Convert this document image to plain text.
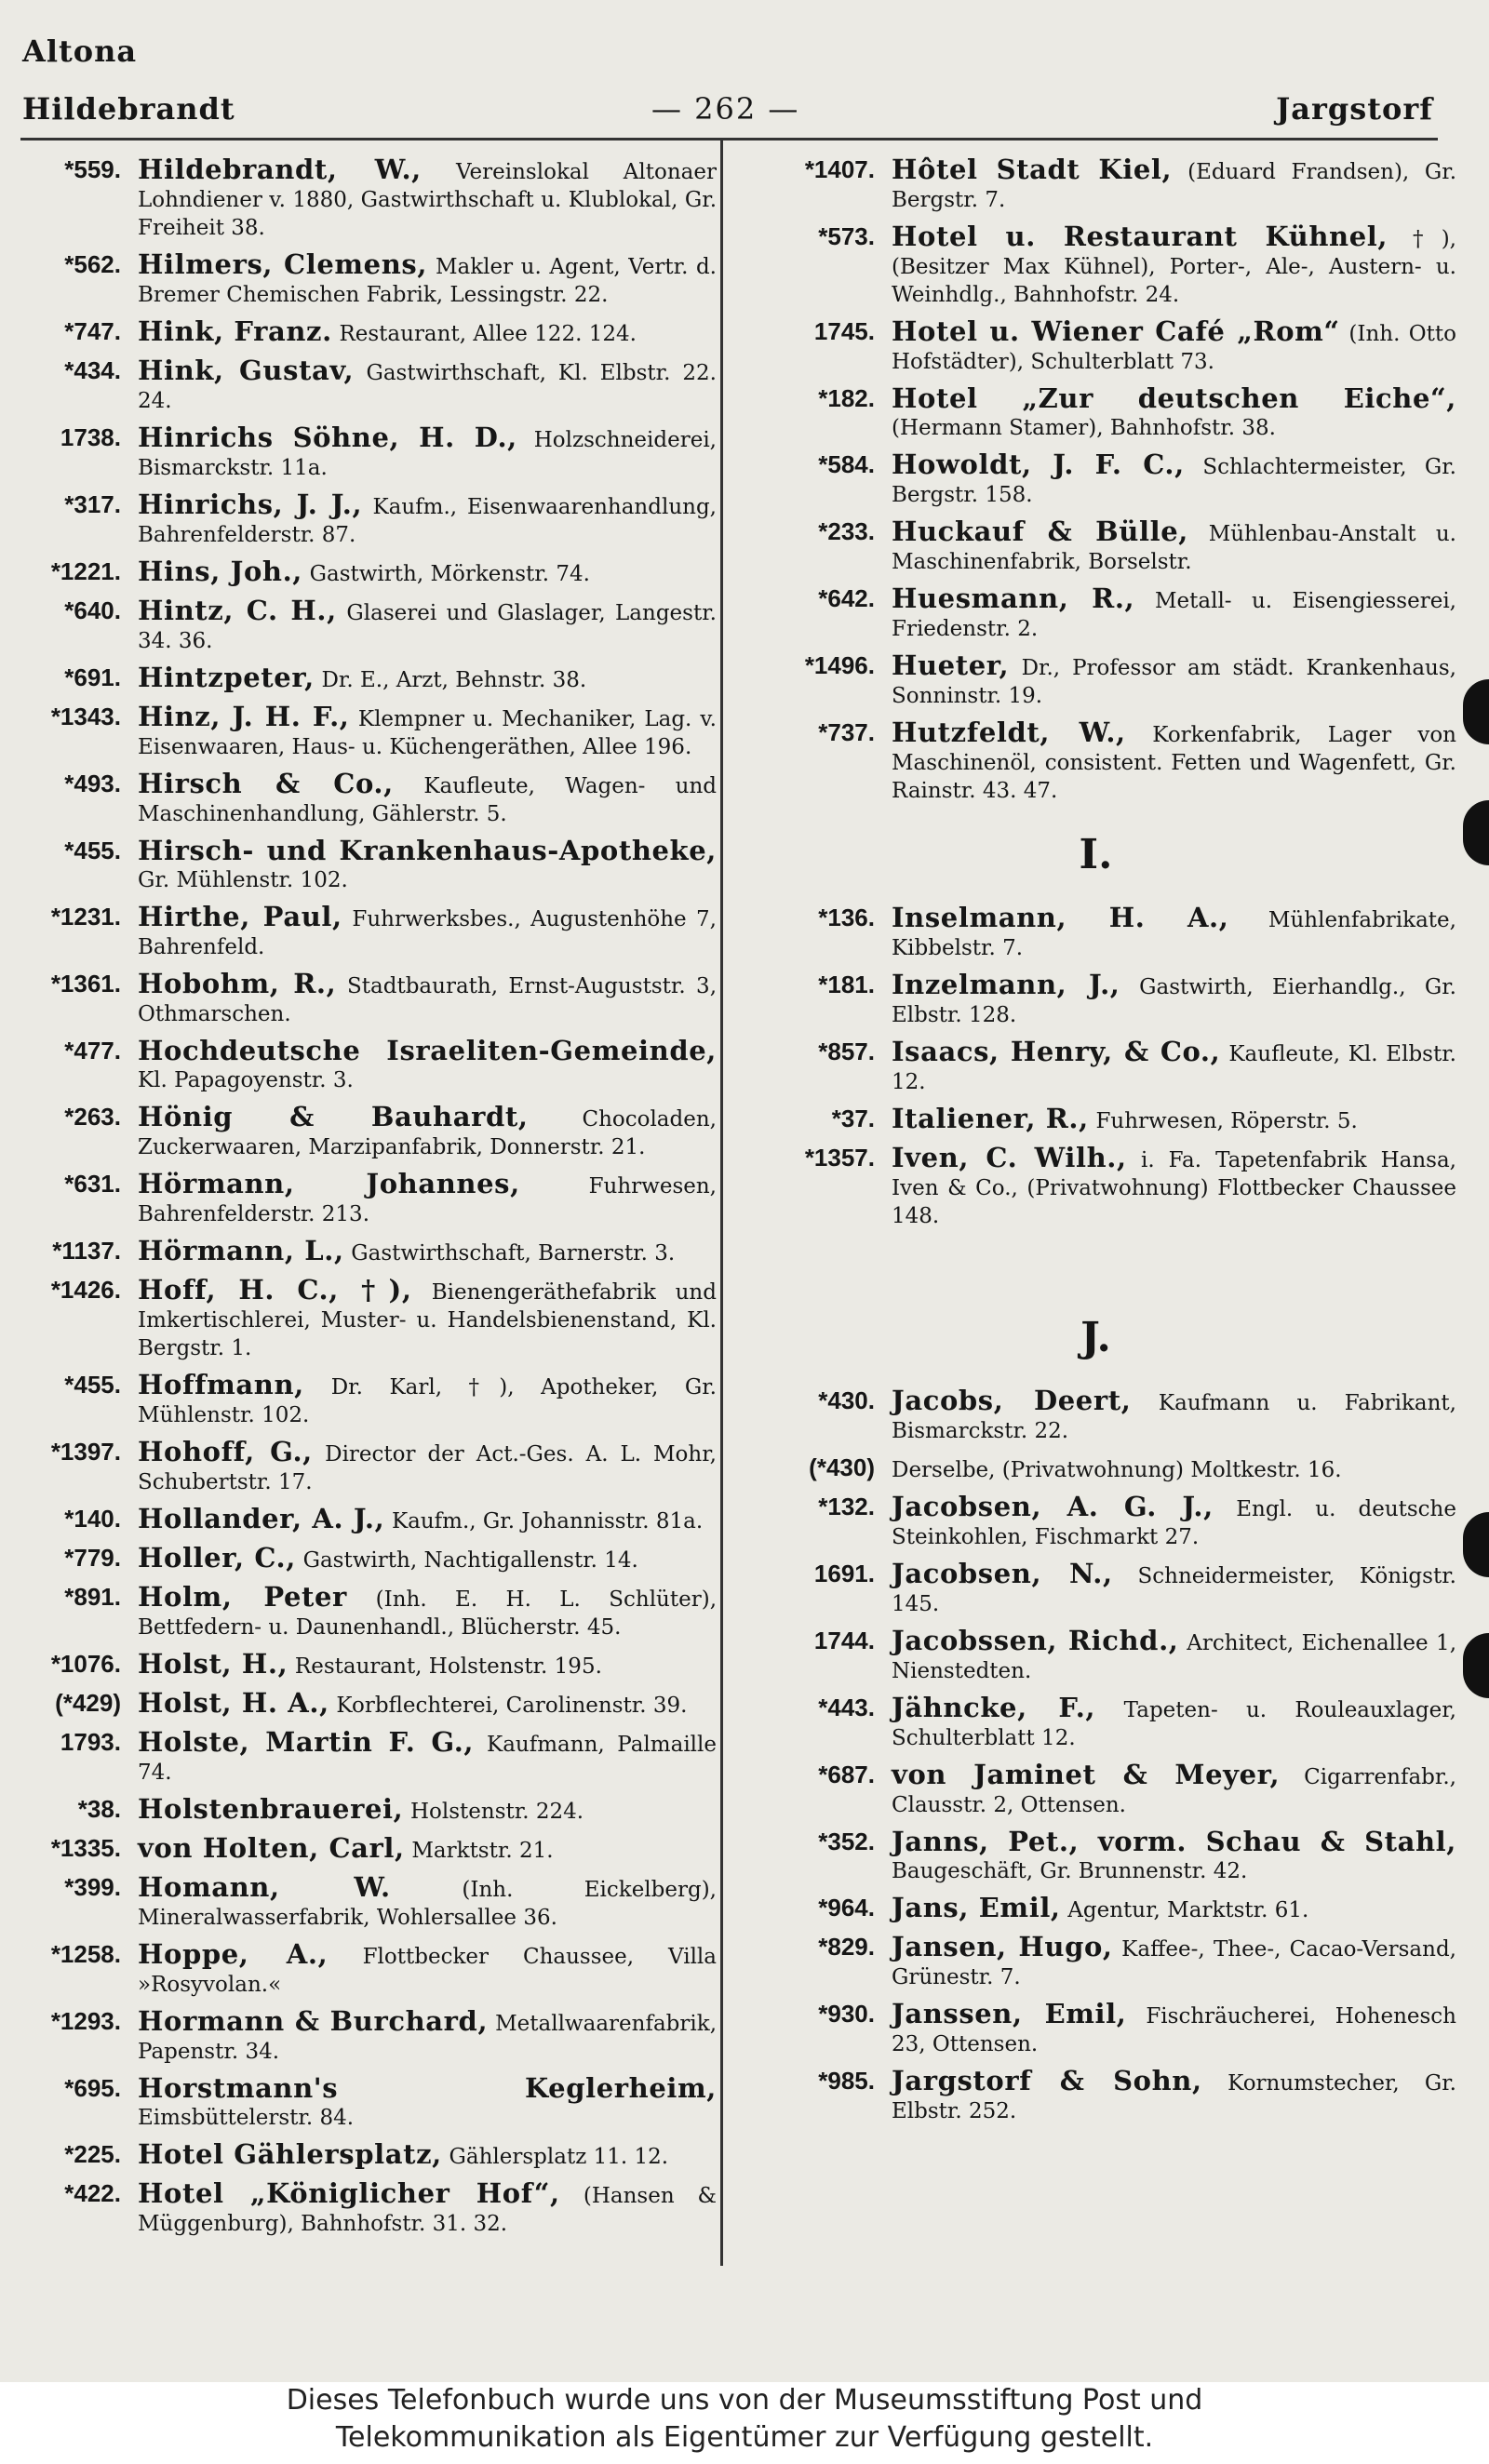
Altona
Hildebrandt	— 262 —	Jargstorf
*559. Hildebrandt, W., Vereinslokal Altonaer Lohndiener v. 1880, Gastwirthschaft u. Klublokal, Gr. Freiheit 38.
*562. Hilmers, Clemens, Makler u. Agent, Vertr. d. Bremer Chemischen Fabrik, Lessingstr. 22.
*747. Hink, Franz. Restaurant, Allee 122. 124.
*434. Hink, Gustav, Gastwirthschaft, Kl. Elbstr. 22. 24.
1738. Hinrichs Söhne, H. D., Holzschneiderei, Bismarckstr. 11a.
*317. Hinrichs, J. J., Kaufm., Eisenwaarenhandlung, Bahrenfelderstr. 87.
*1221. Hins, Joh., Gastwirth, Mörkenstr. 74.
*640. Hintz, C. H., Glaserei und Glaslager, Langestr. 34. 36.
*691. Hintzpeter, Dr. E., Arzt, Behnstr. 38.
*1343. Hinz, J. H. F., Klempner u. Mechaniker, Lag. v. Eisenwaaren, Haus- u. Küchengeräthen, Allee 196.
*493. Hirsch & Co., Kaufleute, Wagen- und Maschinenhandlung, Gählerstr. 5.
*455. Hirsch- und Krankenhaus-Apotheke, Gr. Mühlenstr. 102.
*1231. Hirthe, Paul, Fuhrwerksbes., Augustenhöhe 7, Bahrenfeld.
*1361. Hobohm, R., Stadtbaurath, Ernst-Auguststr. 3, Othmarschen.
*477. Hochdeutsche Israeliten-Gemeinde, Kl. Papagoyenstr. 3.
*263. Hönig & Bauhardt,	Chocoladen, Zuckerwaaren, Marzipanfabrik, Donnerstr. 21.
*631. Hörmann, Johannes,	Fuhrwesen, Bahrenfelderstr. 213.
*1137. Hörmann, L., Gastwirthschaft, Barnerstr. 3.
*1426. Hoff, H. C., †), Bienengeräthefabrik und Imkertischlerei, Muster- u. Handelsbienenstand, Kl. Bergstr. 1.
*455. Hoffmann, Dr. Karl, †), Apotheker, Gr. Mühlenstr. 102.
*1397. Hohoff, G., Director der Act.-Ges. A. L. Mohr, Schubertstr. 17.
*140. Hollander, A. J., Kaufm., Gr. Johannisstr. 81a.
*779. Holler, C., Gastwirth, Nachtigallenstr. 14.
*891. Holm, Peter (Inh. E. H. L. Schlüter), Bettfedern- u. Daunenhandl., Blücherstr. 45.
*1076. Holst, H., Restaurant, Holstenstr. 195.
(*429) Holst, H. A., Korbflechterei, Carolinenstr. 39.
1793. Holste, Martin F. G., Kaufmann, Palmaille 74.
*38. Holstenbrauerei, Holstenstr. 224.
*1335. von Holten, Carl, Marktstr. 21.
*399. Homann, W.	(Inh. Eickelberg), Mineralwasserfabrik, Wohlersallee 36.
*1258. Hoppe, A., Flottbecker Chaussee, Villa »Rosyvolan.«
*1293. Hormann & Burchard, Metallwaarenfabrik, Papenstr. 34.
*695. Horstmann's Keglerheim, Eimsbüttelerstr. 84.
*225. Hotel Gählersplatz, Gählersplatz 11. 12.
*422. Hotel „Königlicher Hof“, (Hansen & Müggenburg), Bahnhofstr. 31. 32.
*1407. Hôtel Stadt Kiel, (Eduard Frandsen), Gr. Bergstr. 7.
*573. Hotel u. Restaurant Kühnel, †), (Besitzer Max Kühnel), Porter-, Ale-, Austern- u. Weinhdlg., Bahnhofstr. 24.
1745. Hotel u. Wiener Café „Rom“ (Inh. Otto Hofstädter), Schulterblatt 73.
*182. Hotel „Zur deutschen Eiche“, (Hermann Stamer), Bahnhofstr. 38.
*584. Howoldt, J. F. C., Schlachtermeister, Gr. Bergstr. 158.
*233. Huckauf & Bülle, Mühlenbau-Anstalt u. Maschinenfabrik, Borselstr.
*642. Huesmann, R., Metall- u. Eisengiesserei, Friedenstr. 2.
*1496. Hueter, Dr., Professor am städt. Krankenhaus, Sonninstr. 19.
*737. Hutzfeldt, W., Korkenfabrik, Lager von Maschinenöl, consistent. Fetten und Wagenfett, Gr. Rainstr. 43. 47.
I.
*136. Inselmann, H. A., Mühlenfabrikate, Kibbelstr. 7.
*181. Inzelmann, J., Gastwirth, Eierhandlg., Gr. Elbstr. 128.
*857. Isaacs, Henry, & Co., Kaufleute, Kl. Elbstr. 12.
*37. Italiener, R., Fuhrwesen, Röperstr. 5.
*1357. Iven, C. Wilh., i. Fa. Tapetenfabrik Hansa, Iven & Co., (Privatwohnung) Flottbecker Chaussee 148.
J.
*430. Jacobs, Deert, Kaufmann u. Fabrikant, Bismarckstr. 22.
(*430) Derselbe, (Privatwohnung) Moltkestr. 16.
*132. Jacobsen, A. G. J., Engl. u. deutsche Steinkohlen, Fischmarkt 27.
1691. Jacobsen, N., Schneidermeister, Königstr. 145.
1744. Jacobssen, Richd., Architect, Eichenallee 1, Nienstedten.
*443. Jähncke, F., Tapeten- u. Rouleauxlager, Schulterblatt 12.
*687. von Jaminet & Meyer, Cigarrenfabr., Clausstr. 2, Ottensen.
*352. Janns, Pet., vorm. Schau & Stahl, Baugeschäft, Gr. Brunnenstr. 42.
*964. Jans, Emil, Agentur, Marktstr. 61.
*829. Jansen, Hugo, Kaffee-, Thee-, Cacao-Versand, Grünestr. 7.
*930. Janssen, Emil, Fischräucherei, Hohenesch 23, Ottensen.
*985. Jargstorf & Sohn, Kornumstecher, Gr. Elbstr. 252.
Dieses Telefonbuch wurde uns von der Museumsstiftung Post und
Telekommunikation als Eigentümer zur Verfügung gestellt.
